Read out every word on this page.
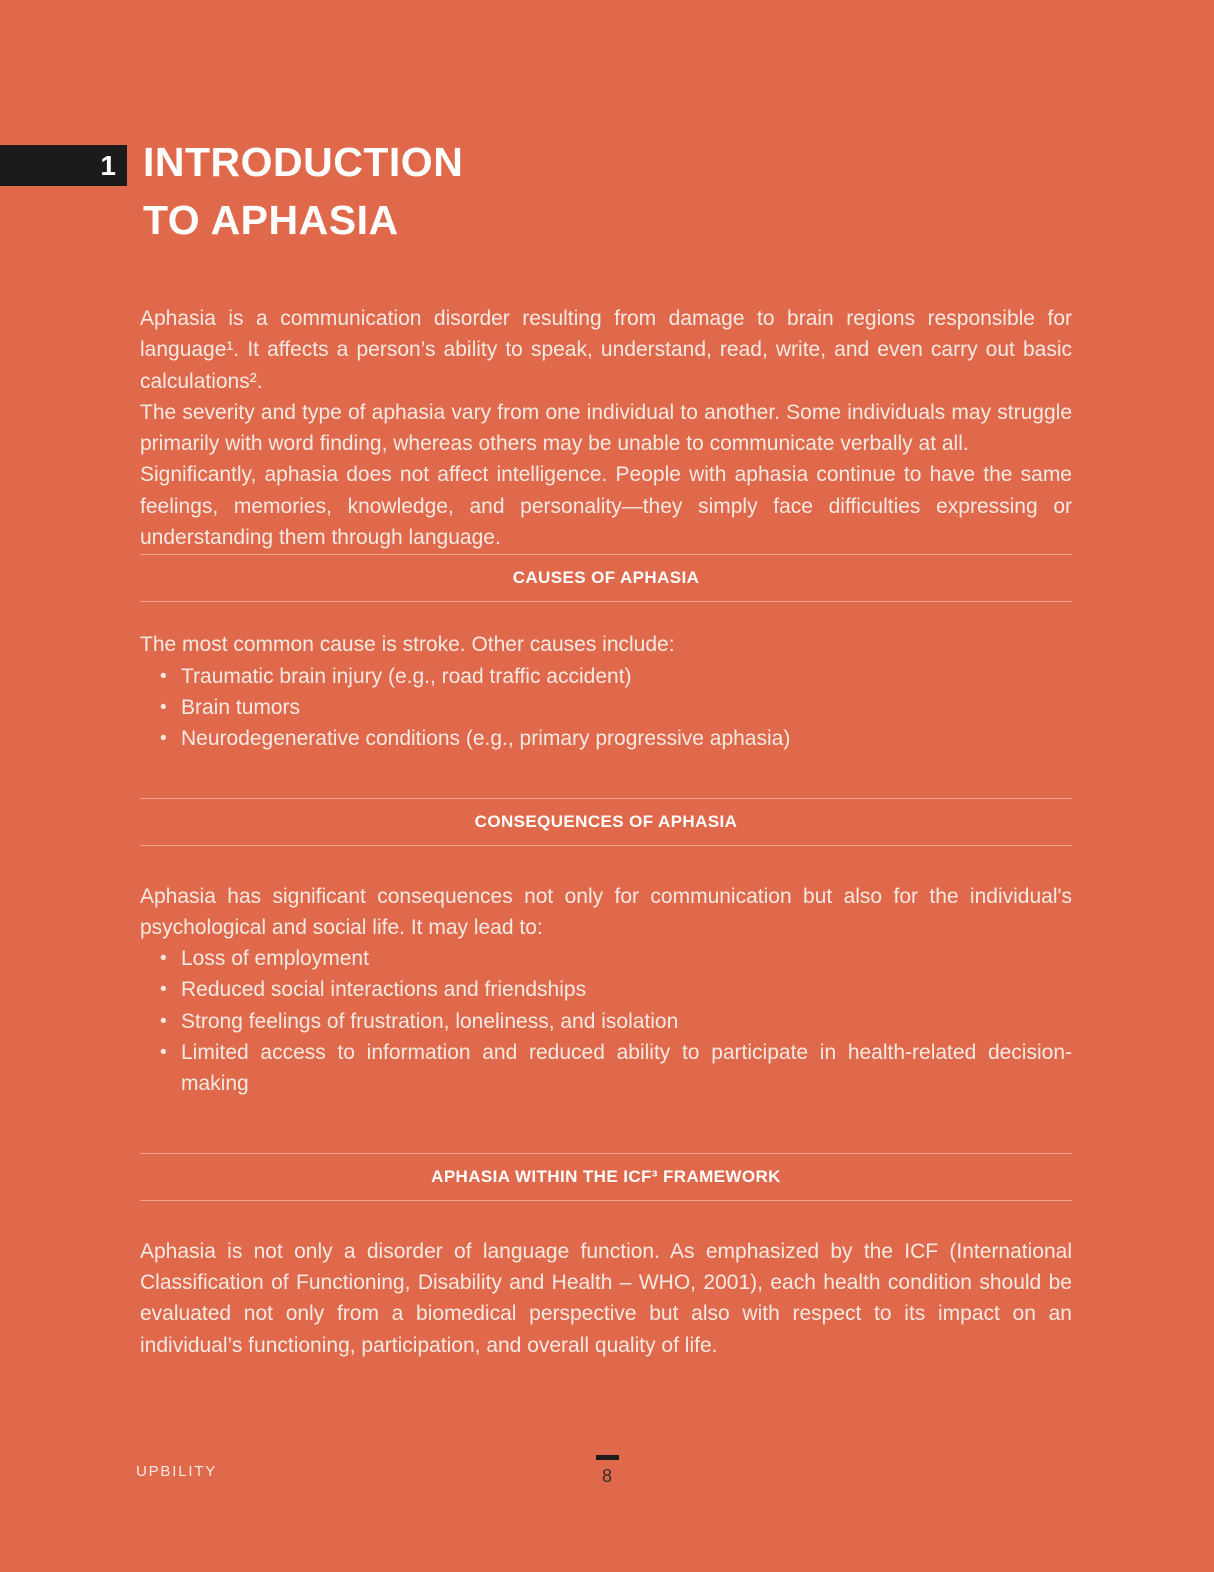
1 INTRODUCTION
TO APHASIA

Aphasia is a communication disorder resulting from damage to brain regions responsible for language¹. It affects a person’s ability to speak, understand, read, write, and even carry out basic calculations².

The severity and type of aphasia vary from one individual to another. Some individuals may struggle primarily with word finding, whereas others may be unable to communicate verbally at all.

Significantly, aphasia does not affect intelligence. People with aphasia continue to have the same feelings, memories, knowledge, and personality—they simply face difficulties expressing or understanding them through language.

CAUSES OF APHASIA

The most common cause is stroke. Other causes include:

• Traumatic brain injury (e.g., road traffic accident)
• Brain tumors
• Neurodegenerative conditions (e.g., primary progressive aphasia)
CONSEQUENCES OF APHASIA

Aphasia has significant consequences not only for communication but also for the individual's psychological and social life. It may lead to:

• Loss of employment
• Reduced social interactions and friendships
• Strong feelings of frustration, loneliness, and isolation
• Limited access to information and reduced ability to participate in health-related decision-making
APHASIA WITHIN THE ICF³ FRAMEWORK

Aphasia is not only a disorder of language function. As emphasized by the ICF (International Classification of Functioning, Disability and Health – WHO, 2001), each health condition should be evaluated not only from a biomedical perspective but also with respect to its impact on an individual’s functioning, participation, and overall quality of life.

UPBILITY	8
